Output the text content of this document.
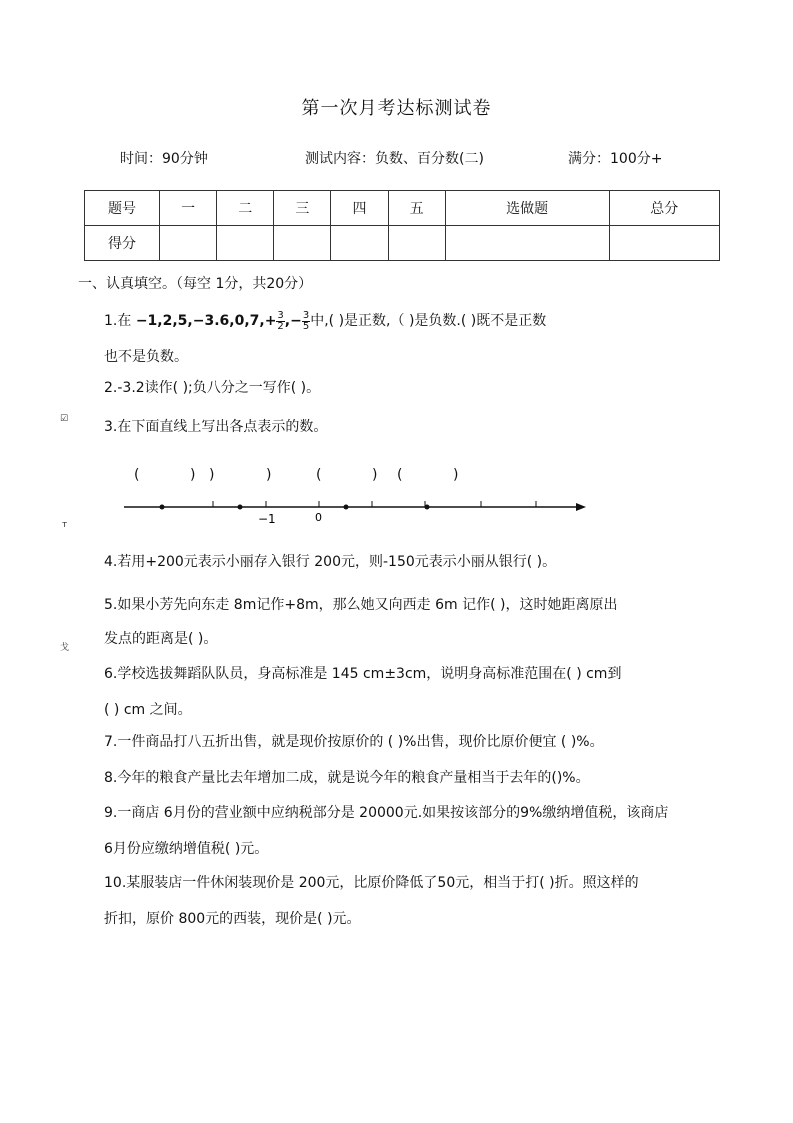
第一次月考达标测试卷
时间：90分钟	测试内容：负数、百分数(二)	满分：100分+
题号	一	二	三	四	五	选做题	总分
得分							
一、认真填空。（每空 1分，共20分）
1.在 $-1,2,5,-3.6,0,7,+ \frac{3}{2}$ ,− $\frac{3}{5}$ 中,( )是正数,（ )是负数.( )既不是正数
也不是负数。
2.-3.2读作( );负八分之一写作( )。
☑	3.在下面直线上写出各点表示的数。
(	) )	)	(	) (	)
−1	0
ᴛ
4.若用+200元表示小丽存入银行 200元，则-150元表示小丽从银行( )。
5.如果小芳先向东走 8m记作+8m，那么她又向西走 6m 记作( )，这时她距离原出
发点的距离是( )。
戈
6.学校选拔舞蹈队队员，身高标准是 145 cm±3cm，说明身高标准范围在( ) cm到
( ) cm 之间。
7.一件商品打八五折出售，就是现价按原价的 ( )%出售，现价比原价便宜 ( )%。
8.今年的粮食产量比去年增加二成，就是说今年的粮食产量相当于去年的()%。
9.一商店 6月份的营业额中应纳税部分是 20000元.如果按该部分的9%缴纳增值税，该商店
6月份应缴纳增值税( )元。
10.某服装店一件休闲装现价是 200元，比原价降低了50元，相当于打( )折。照这样的
折扣，原价 800元的西装，现价是( )元。
